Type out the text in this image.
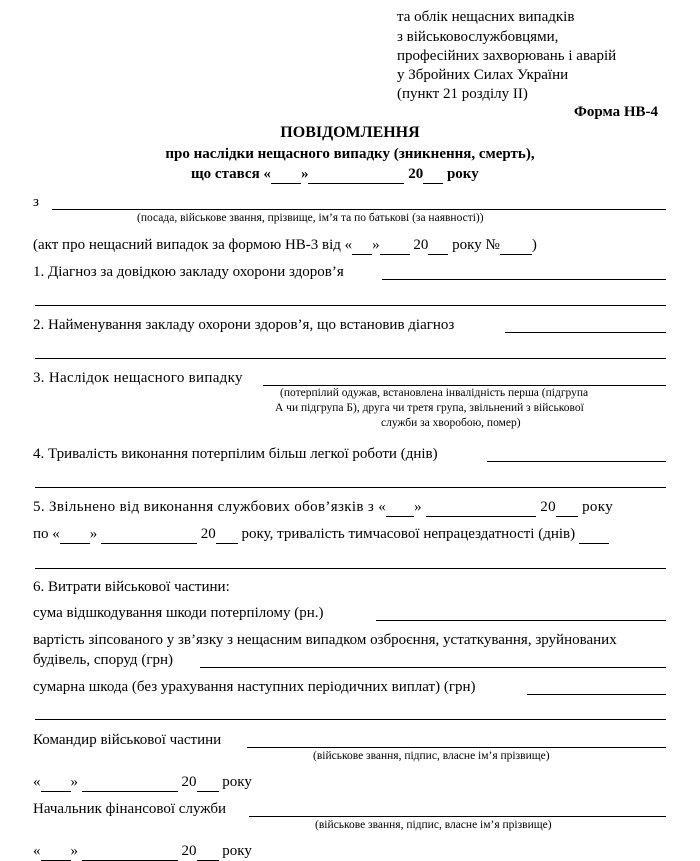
та облік нещасних випадків
з військовослужбовцями,
професійних захворювань і аварій
у Збройних Силах України
(пункт 21 розділу II)
Форма НВ-4
ПОВІДОМЛЕННЯ
про наслідки нещасного випадку (зникнення, смерть),
що стався « »	20 року
з
(посада, військове звання, прізвище, ім’я та по батькові (за наявності))
(акт про нещасний випадок за формою НВ-3 від « » 20 року № )
1. Діагноз за довідкою закладу охорони здоров’я
2. Найменування закладу охорони здоров’я, що встановив діагноз
3. Наслідок нещасного випадку
(потерпілий одужав, встановлена інвалідність перша (підгрупа
А чи підгрупа Б), друга чи третя група, звільнений з військової
служби за хворобою, помер)
4. Тривалість виконання потерпілим більш легкої роботи (днів)
5. Звільнено від виконання службових обов’язків з « »	20 року
по « »	20 року, тривалість тимчасової непрацездатності (днів)
6. Витрати військової частини:
сума відшкодування шкоди потерпілому (рн.)
вартість зіпсованого у зв’язку з нещасним випадком озброєння, устаткування, зруйнованих
будівель, споруд (грн)
сумарна шкода (без урахування наступних періодичних виплат) (грн)
Командир військової частини
(військове звання, підпис, власне ім’я прізвище)
« »	20 року
Начальник фінансової служби
(військове звання, підпис, власне ім’я прізвище)
« »	20 року
